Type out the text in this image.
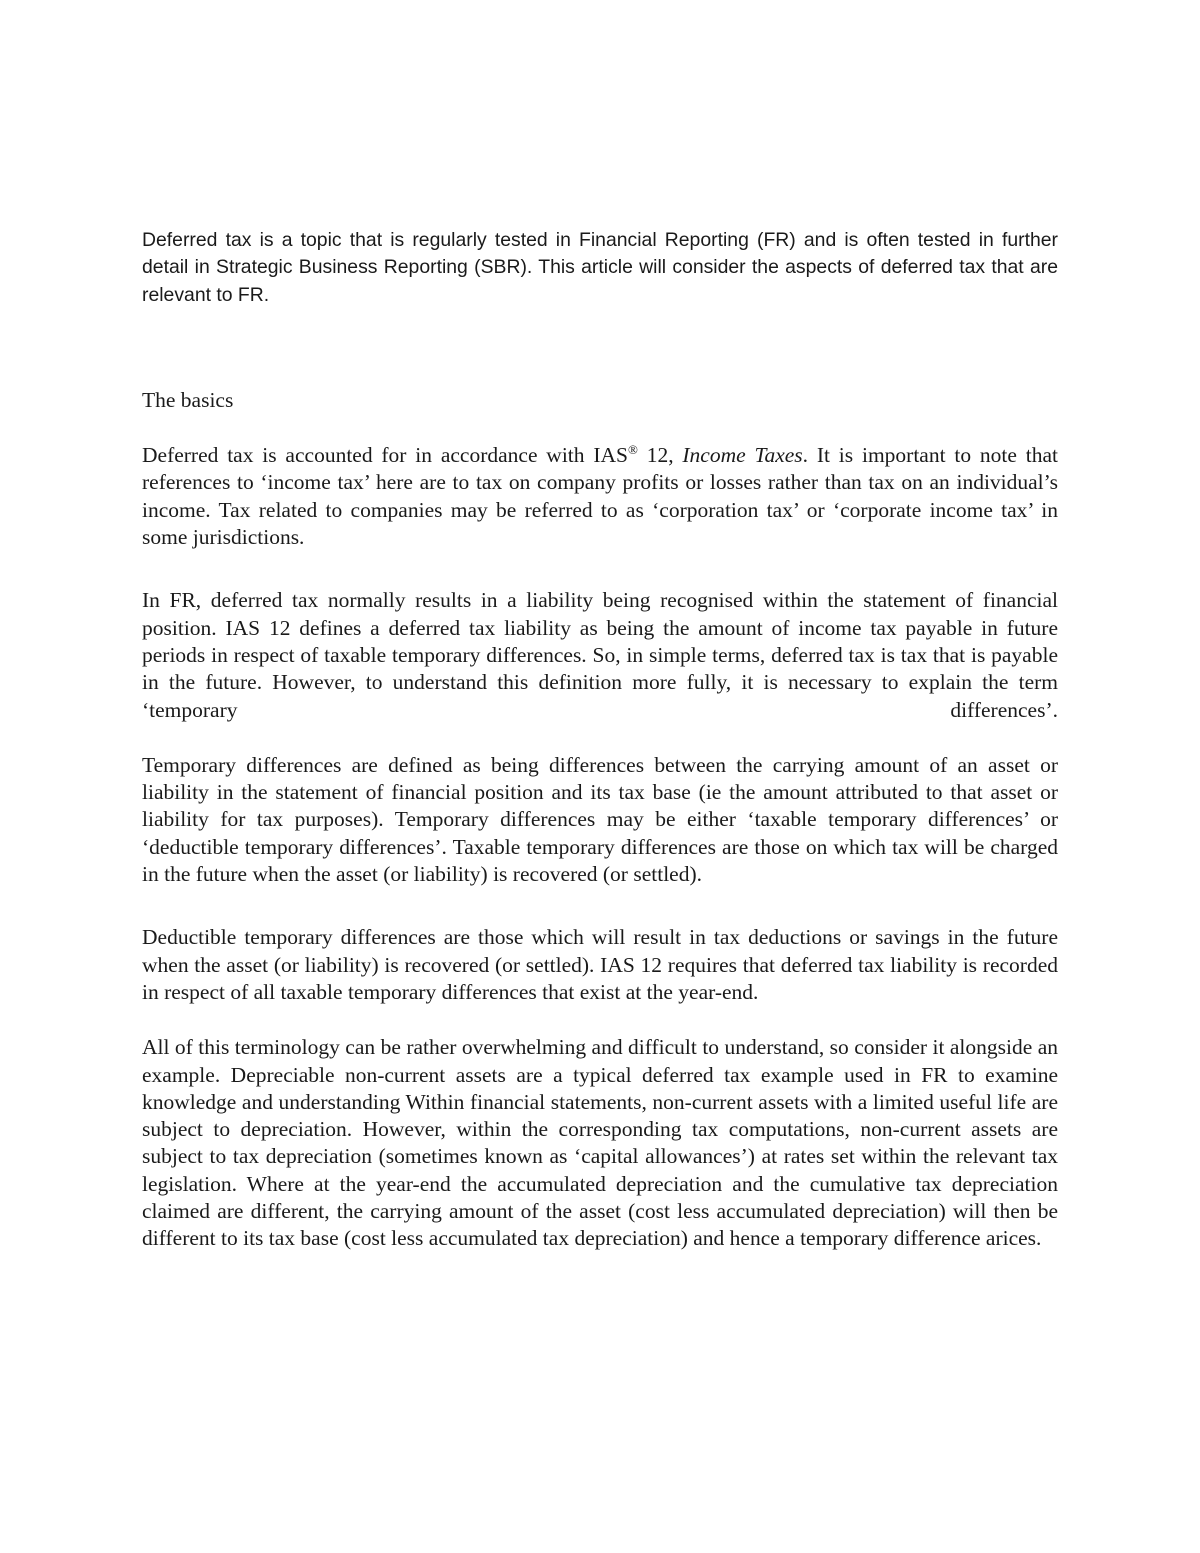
Deferred tax is a topic that is regularly tested in Financial Reporting (FR) and is often tested in further detail in Strategic Business Reporting (SBR). This article will consider the aspects of deferred tax that are relevant to FR.

The basics

Deferred tax is accounted for in accordance with IAS® 12, Income Taxes. It is important to note that references to ‘income tax’ here are to tax on company profits or losses rather than tax on an individual’s income. Tax related to companies may be referred to as ‘corporation tax’ or ‘corporate income tax’ in some jurisdictions.

In FR, deferred tax normally results in a liability being recognised within the statement of financial position. IAS 12 defines a deferred tax liability as being the amount of income tax payable in future periods in respect of taxable temporary differences. So, in simple terms, deferred tax is tax that is payable in the future. However, to understand this definition more fully, it is necessary to explain the term ‘temporary differences’.

Temporary differences are defined as being differences between the carrying amount of an asset or liability in the statement of financial position and its tax base (ie the amount attributed to that asset or liability for tax purposes). Temporary differences may be either ‘taxable temporary differences’ or ‘deductible temporary differences’. Taxable temporary differences are those on which tax will be charged in the future when the asset (or liability) is recovered (or settled).

Deductible temporary differences are those which will result in tax deductions or savings in the future when the asset (or liability) is recovered (or settled). IAS 12 requires that deferred tax liability is recorded in respect of all taxable temporary differences that exist at the year-end.

All of this terminology can be rather overwhelming and difficult to understand, so consider it alongside an example. Depreciable non-current assets are a typical deferred tax example used in FR to examine knowledge and understanding Within financial statements, non-current assets with a limited useful life are subject to depreciation. However, within the corresponding tax computations, non-current assets are subject to tax depreciation (sometimes known as ‘capital allowances’) at rates set within the relevant tax legislation. Where at the year-end the accumulated depreciation and the cumulative tax depreciation claimed are different, the carrying amount of the asset (cost less accumulated depreciation) will then be different to its tax base (cost less accumulated tax depreciation) and hence a temporary difference arices.
